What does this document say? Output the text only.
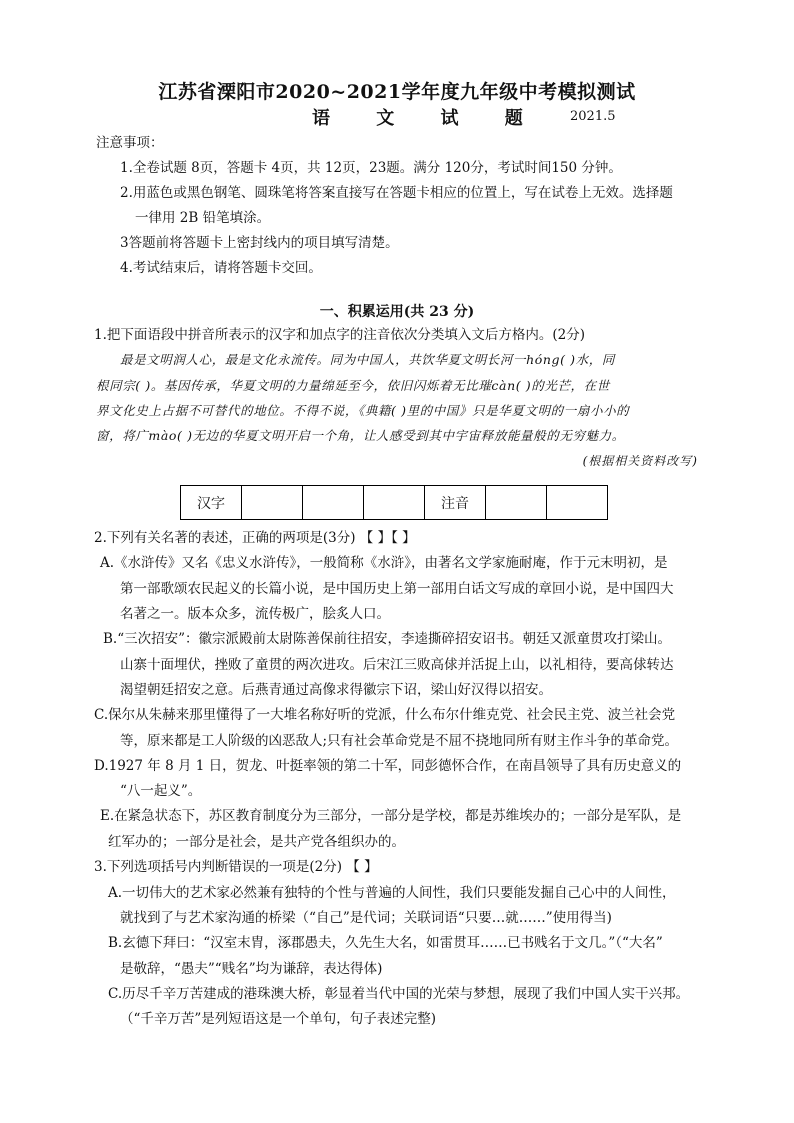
江苏省溧阳市2020~2021学年度九年级中考模拟测试
语 文 试 题 2021.5
注意事项：
1.全卷试题 8页，答题卡 4页，共 12页，23题。满分 120分，考试时间150 分钟。
2.用蓝色或黑色钢笔、圆珠笔将答案直接写在答题卡相应的位置上，写在试卷上无效。选择题
一律用 2B 铅笔填涂。
3答题前将答题卡上密封线内的项目填写清楚。
4.考试结束后，请将答题卡交回。
一、积累运用(共 23 分)
1.把下面语段中拼音所表示的汉字和加点字的注音依次分类填入文后方格内。(2分)
最是文明润人心，最是文化永流传。同为中国人，共饮华夏文明长河一hóng( )水，同
根同宗( )。基因传承，华夏文明的力量绵延至今，依旧闪烁着无比璀càn( )的光芒，在世
界文化史上占据不可替代的地位。不得不说，《典籍( )里的中国》只是华夏文明的一扇小小的
窗，将广mào( )无边的华夏文明开启一个角，让人感受到其中宇宙释放能量般的无穷魅力。
(根据相关资料改写)
汉字				注音		
2.下列有关名著的表述，正确的两项是(3分) 【 】【 】
A.《水浒传》又名《忠义水浒传》，一般简称《水浒》，由著名文学家施耐庵，作于元末明初，是
第一部歌颂农民起义的长篇小说，是中国历史上第一部用白话文写成的章回小说，是中国四大
名著之一。版本众多，流传极广，脍炙人口。
B.“三次招安”：徽宗派殿前太尉陈善保前往招安，李逵撕碎招安诏书。朝廷又派童贯攻打梁山。
山寨十面埋伏，挫败了童贯的两次进攻。后宋江三败高俅并活捉上山，以礼相待，要高俅转达
渴望朝廷招安之意。后燕青通过高像求得徽宗下诏，梁山好汉得以招安。
C.保尔从朱赫来那里懂得了一大堆名称好听的党派，什么布尔什维克党、社会民主党、波兰社会党
等，原来都是工人阶级的凶恶敌人;只有社会革命党是不屈不挠地同所有财主作斗争的革命党。
D.1927 年 8 月 1 日，贺龙、叶挺率领的第二十军，同彭德怀合作，在南昌领导了具有历史意义的
“八一起义”。
E.在紧急状态下，苏区教育制度分为三部分，一部分是学校，都是苏维埃办的；一部分是军队，是
红军办的；一部分是社会，是共产党各组织办的。
3.下列选项括号内判断错误的一项是(2分) 【 】
A.一切伟大的艺术家必然兼有独特的个性与普遍的人间性，我们只要能发掘自己心中的人间性，
就找到了与艺术家沟通的桥梁（“自己”是代词；关联词语“只要…就……”使用得当)
B.玄德下拜曰：“汉室末胄，涿郡愚夫，久先生大名，如雷贯耳……已书贱名于文几。”（“大名”
是敬辞，“愚夫”“贱名”均为谦辞，表达得体)
C.历尽千辛万苦建成的港珠澳大桥，彰显着当代中国的光荣与梦想，展现了我们中国人实干兴邦。
（“千辛万苦”是列短语这是一个单句，句子表述完整)
